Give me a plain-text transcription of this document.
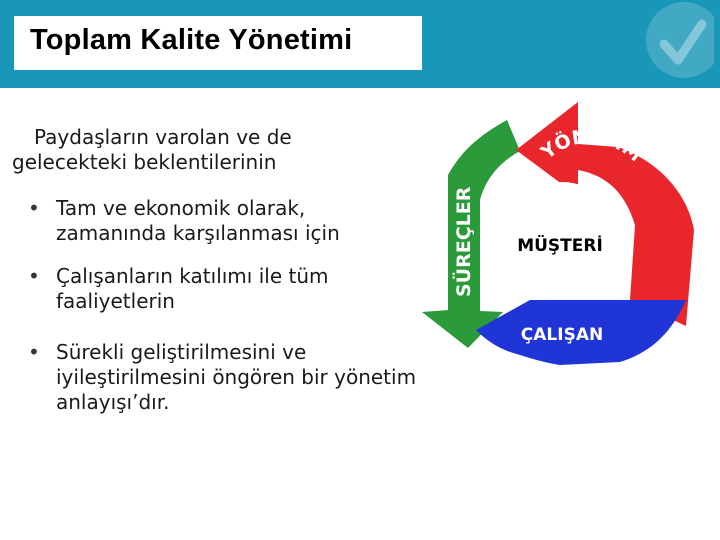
Toplam Kalite Yönetimi
Paydaşların varolan ve de
gelecekteki beklentilerinin
• Tam ve ekonomik olarak,
zamanında karşılanması için
• Çalışanların katılımı ile tüm
faaliyetlerin
• Sürekli geliştirilmesini ve
iyileştirilmesini öngören bir yönetim
anlayışı’dır.
YÖNETİM
SÜREÇLER MÜŞTERİ
ÇALIŞAN
